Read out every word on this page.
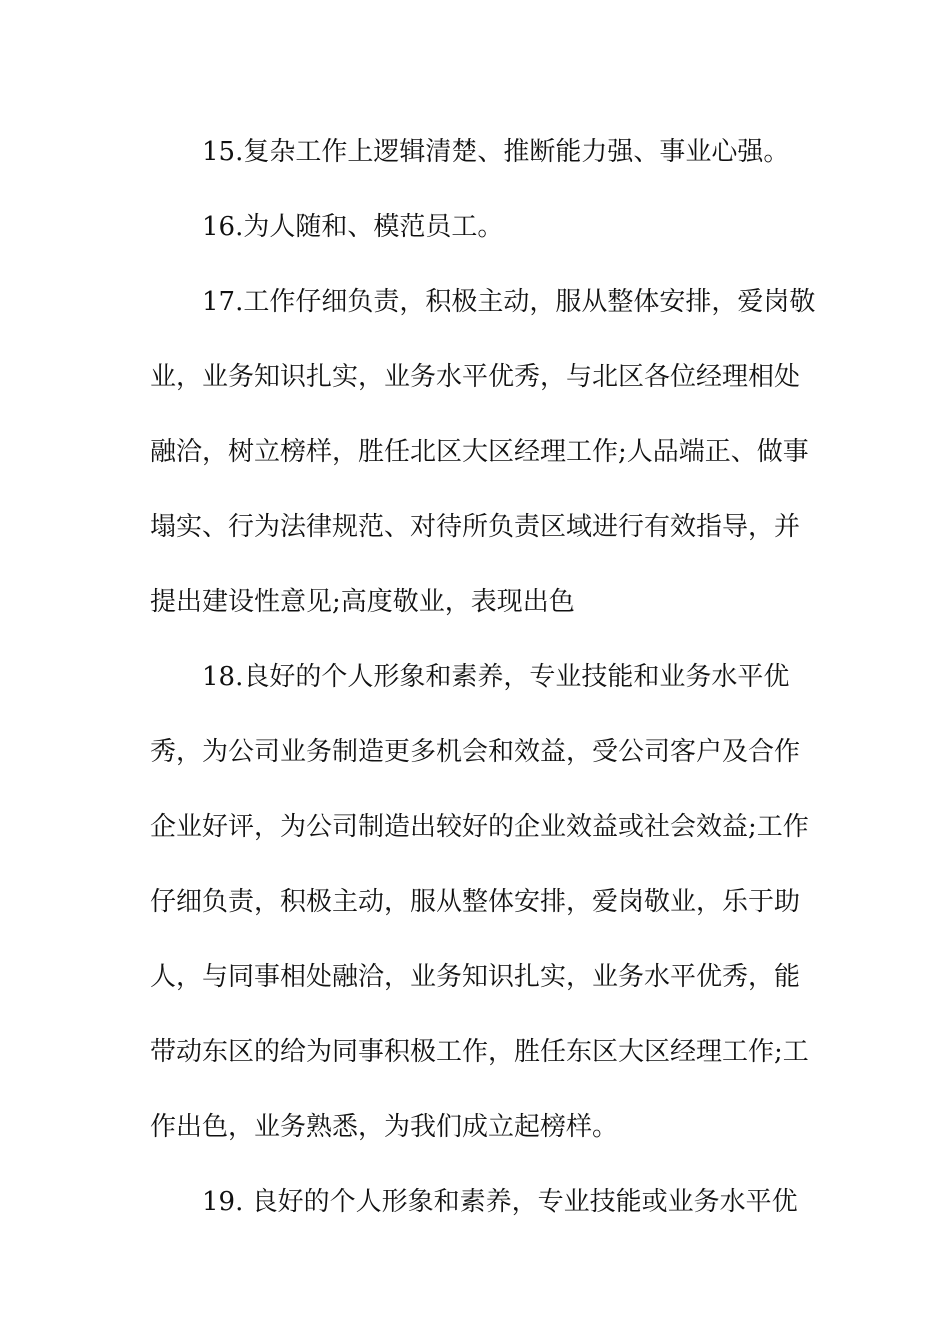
15.复杂工作上逻辑清楚、推断能力强、事业心强。
16.为人随和、模范员工。
17.工作仔细负责，积极主动，服从整体安排，爱岗敬
业，业务知识扎实，业务水平优秀，与北区各位经理相处
融洽，树立榜样，胜任北区大区经理工作;人品端正、做事
塌实、行为法律规范、对待所负责区域进行有效指导，并
提出建设性意见;高度敬业，表现出色
18.良好的个人形象和素养，专业技能和业务水平优
秀，为公司业务制造更多机会和效益，受公司客户及合作
企业好评，为公司制造出较好的企业效益或社会效益;工作
仔细负责，积极主动，服从整体安排，爱岗敬业，乐于助
人，与同事相处融洽，业务知识扎实，业务水平优秀，能
带动东区的给为同事积极工作，胜任东区大区经理工作;工
作出色，业务熟悉，为我们成立起榜样。
19. 良好的个人形象和素养，专业技能或业务水平优
